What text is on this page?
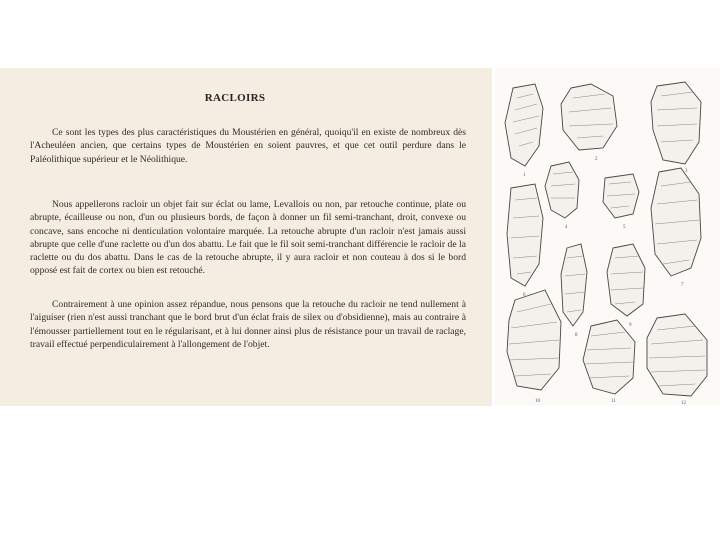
RACLOIRS

Ce sont les types des plus caractéristiques du Moustérien en général, quoiqu'il en existe de nombreux dès l'Acheuléen ancien, que certains types de Moustérien en soient pauvres, et que cet outil perdure dans le Paléolithique supérieur et le Néolithique.

Nous appellerons racloir un objet fait sur éclat ou lame, Levallois ou non, par retouche continue, plate ou abrupte, écailleuse ou non, d'un ou plusieurs bords, de façon à donner un fil semi-tranchant, droit, convexe ou concave, sans encoche ni denticulation volontaire marquée. La retouche abrupte d'un racloir n'est jamais aussi abrupte que celle d'une raclette ou d'un dos abattu. Le fait que le fil soit semi-tranchant différencie le racloir de la raclette ou du dos abattu. Dans le cas de la retouche abrupte, il y aura racloir et non couteau à dos si le bord opposé est fait de cortex ou bien est retouché.

Contrairement à une opinion assez répandue, nous pensons que la retouche du racloir ne tend nullement à l'aiguiser (rien n'est aussi tranchant que le bord brut d'un éclat frais de silex ou d'obsidienne), mais au contraire à l'émousser partiellement tout en le régularisant, et à lui donner ainsi plus de résistance pour un travail de raclage, travail effectué perpendiculairement à l'allongement de l'objet.

1
2
3
4	5
6
7
8
9
10	11	12
